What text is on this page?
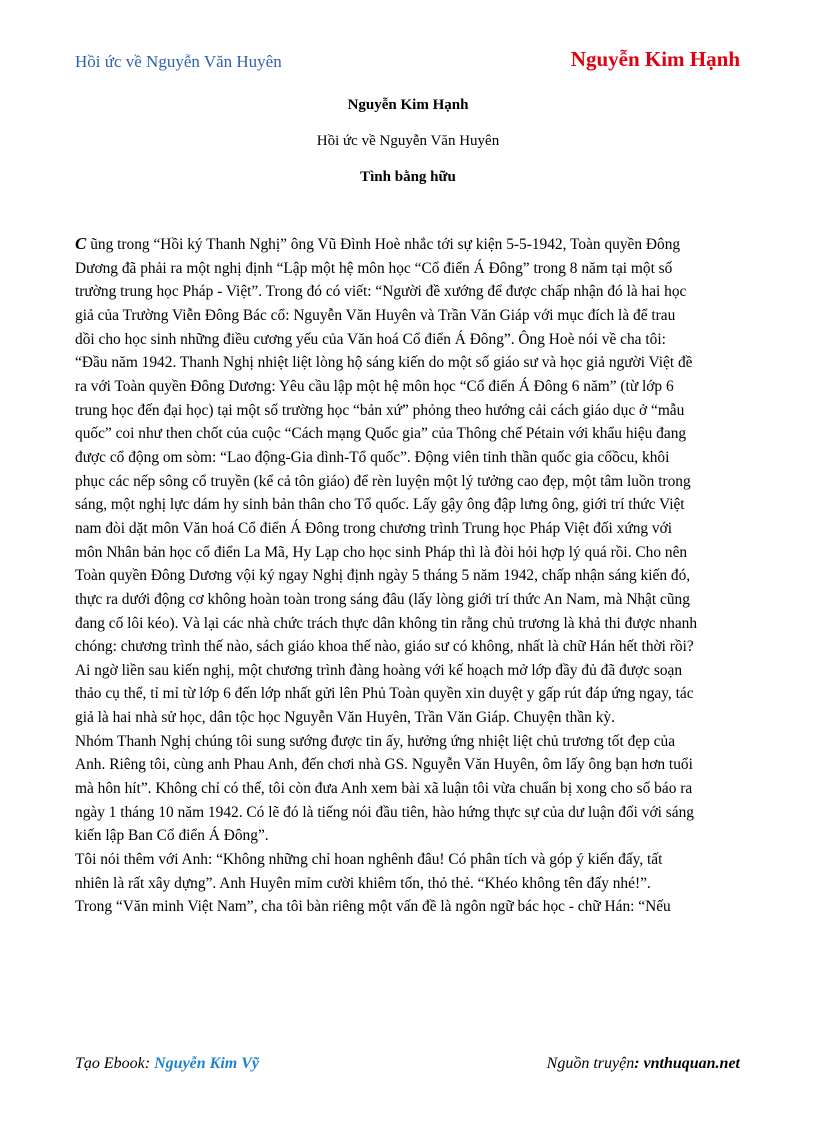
Hồi ức về Nguyễn Văn Huyên	Nguyễn Kim Hạnh
Nguyễn Kim Hạnh
Hồi ức về Nguyễn Văn Huyên
Tình bằng hữu
C ũng trong “Hồi ký Thanh Nghị” ông Vũ Đình Hoè nhắc tới sự kiện 5-5-1942, Toàn quyền Đông
Dương đã phải ra một nghị định “Lập một hệ môn học “Cổ điển Á Đông” trong 8 năm tại một số
trường trung học Pháp - Việt”. Trong đó có viết: “Người đề xướng để được chấp nhận đó là hai học
giả của Trường Viễn Đông Bác cổ: Nguyễn Văn Huyên và Trần Văn Giáp với mục đích là để trau
dồi cho học sinh những điều cương yếu của Văn hoá Cổ điển Á Đông”. Ông Hoè nói về cha tôi:
“Đầu năm 1942. Thanh Nghị nhiệt liệt lòng hộ sáng kiến do một số giáo sư và học giả người Việt đề
ra với Toàn quyền Đông Dương: Yêu cầu lập một hệ môn học “Cổ điển Á Đông 6 năm” (từ lớp 6
trung học đến đại học) tại một số trường học “bản xứ” phỏng theo hướng cải cách giáo dục ở “mẫu
quốc” coi như then chốt của cuộc “Cách mạng Quốc gia” của Thông chế Pétain với khẩu hiệu đang
được cổ động om sòm: “Lao động-Gia dình-Tổ quốc”. Động viên tinh thần quốc gia cổồcu, khôi
phục các nếp sông cổ truyền (kể cả tôn giáo) để rèn luyện một lý tưởng cao đẹp, một tâm luồn trong
sáng, một nghị lực dám hy sinh bản thân cho Tổ quốc. Lấy gậy ông đập lưng ông, giới trí thức Việt
nam đòi dặt môn Văn hoá Cổ điển Á Đông trong chương trình Trung học Pháp Việt đối xứng với
môn Nhân bản học cổ điển La Mã, Hy Lạp cho học sinh Pháp thì là đòi hỏi hợp lý quá rồi. Cho nên
Toàn quyền Đông Dương vội ký ngay Nghị định ngày 5 tháng 5 năm 1942, chấp nhận sáng kiến đó,
thực ra dưới động cơ không hoàn toàn trong sáng đâu (lấy lòng giới trí thức An Nam, mà Nhật cũng
đang cố lôi kéo). Và lại các nhà chức trách thực dân không tin rằng chủ trương là khả thi được nhanh
chóng: chương trình thế nào, sách giáo khoa thế nào, giáo sư có không, nhất là chữ Hán hết thời rồi?
Ai ngờ liền sau kiến nghị, một chương trình đàng hoàng với kế hoạch mở lớp đầy đủ đã được soạn
thảo cụ thể, tỉ mỉ từ lớp 6 đến lớp nhất gửi lên Phủ Toàn quyền xin duyệt y gấp rút đáp ứng ngay, tác
giả là hai nhà sử học, dân tộc học Nguyễn Văn Huyên, Trần Văn Giáp. Chuyện thần kỳ.
Nhóm Thanh Nghị chúng tôi sung sướng được tin ấy, hưởng ứng nhiệt liệt chủ trương tốt đẹp của
Anh. Riêng tôi, cùng anh Phau Anh, đến chơi nhà GS. Nguyễn Văn Huyên, ôm lấy ông bạn hơn tuổi
mà hôn hít”. Không chỉ có thế, tôi còn đưa Anh xem bài xã luận tôi vừa chuẩn bị xong cho số báo ra
ngày 1 tháng 10 năm 1942. Có lẽ đó là tiếng nói đầu tiên, hào hứng thực sự của dư luận đối với sáng
kiến lập Ban Cổ điển Á Đông”.
Tôi nói thêm với Anh: “Không những chỉ hoan nghênh đâu! Có phân tích và góp ý kiến đấy, tất
nhiên là rất xây dựng”. Anh Huyên mỉm cười khiêm tốn, thỏ thẻ. “Khéo không tên đấy nhé!”.
Trong “Văn minh Việt Nam”, cha tôi bàn riêng một vấn đề là ngôn ngữ bác học - chữ Hán: “Nếu
Tạo Ebook: Nguyễn Kim Vỹ	Nguồn truyện: vnthuquan.net
